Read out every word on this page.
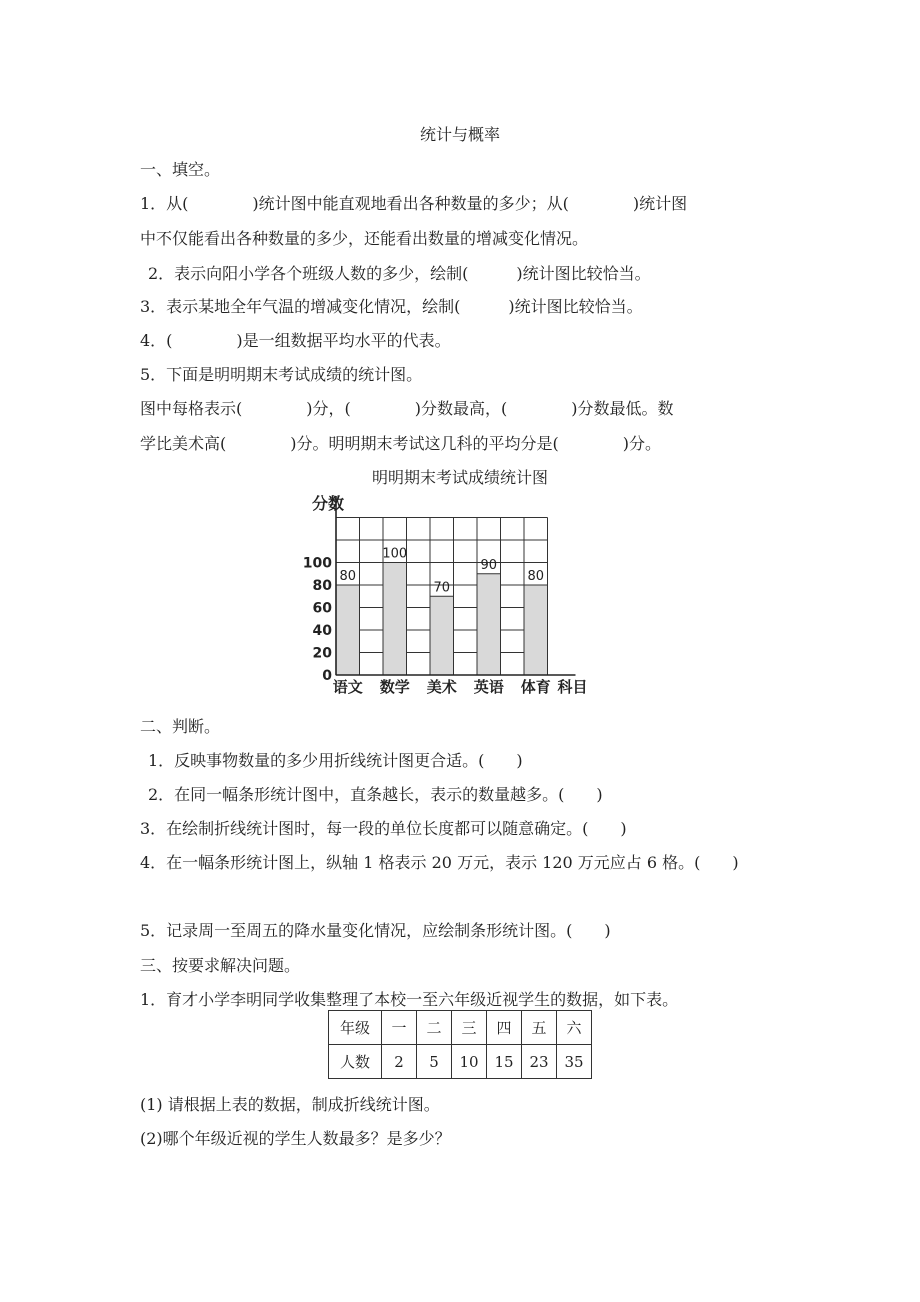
统计与概率
一、填空。
1．从(　　　　)统计图中能直观地看出各种数量的多少；从(　　　　)统计图
中不仅能看出各种数量的多少，还能看出数量的增减变化情况。
2．表示向阳小学各个班级人数的多少，绘制(　　　)统计图比较恰当。
3．表示某地全年气温的增减变化情况，绘制(　　　)统计图比较恰当。
4．(　　　　)是一组数据平均水平的代表。
5．下面是明明期末考试成绩的统计图。
图中每格表示(　　　　)分，(　　　　)分数最高，(　　　　)分数最低。数
学比美术高(　　　　)分。明明期末考试这几科的平均分是(　　　　)分。
明明期末考试成绩统计图
80
语文
100
数学
70
美术
90
英语
80
体育
0
20
40
60
80
100
分数
科目
二、判断。
1．反映事物数量的多少用折线统计图更合适。(　　)
2．在同一幅条形统计图中，直条越长，表示的数量越多。(　　)
3．在绘制折线统计图时，每一段的单位长度都可以随意确定。(　　)
4．在一幅条形统计图上，纵轴 1 格表示 20 万元，表示 120 万元应占 6 格。(　　)
5．记录周一至周五的降水量变化情况，应绘制条形统计图。(　　)
三、按要求解决问题。
1．育才小学李明同学收集整理了本校一至六年级近视学生的数据，如下表。
年级	一	二	三	四	五	六
人数	2	5	10	15	23	35
(1) 请根据上表的数据，制成折线统计图。
(2)哪个年级近视的学生人数最多？是多少？
